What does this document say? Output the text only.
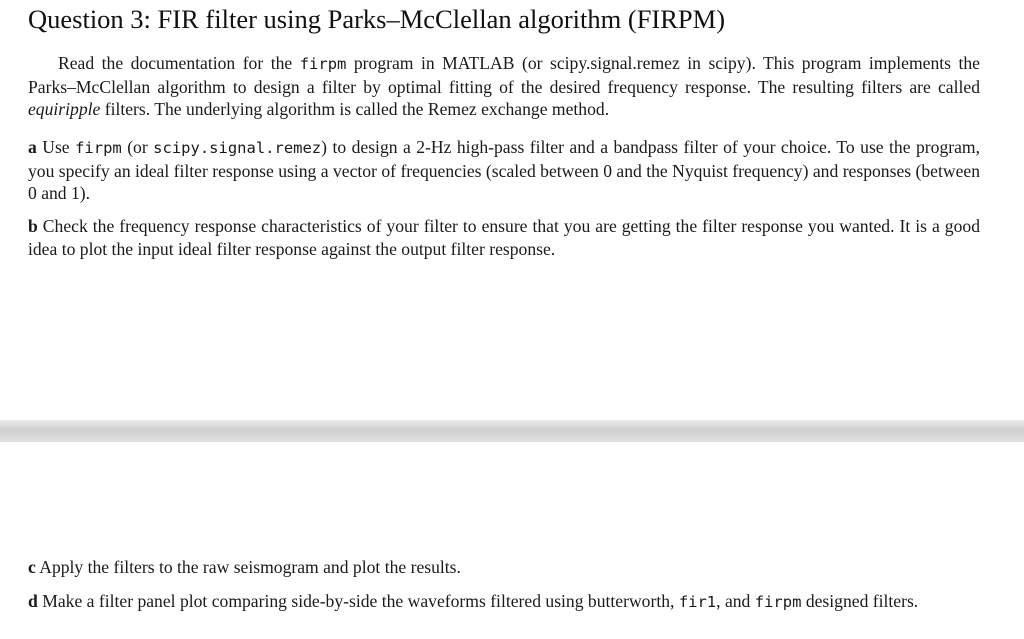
Question 3: FIR filter using Parks–McClellan algorithm (FIRPM)

Read the documentation for the firpm program in MATLAB (or scipy.signal.remez in scipy). This program implements the Parks–McClellan algorithm to design a filter by optimal fitting of the desired frequency response. The resulting filters are called equiripple filters. The underlying algorithm is called the Remez exchange method.

a Use firpm (or scipy.signal.remez) to design a 2-Hz high-pass filter and a bandpass filter of your choice. To use the program, you specify an ideal filter response using a vector of frequencies (scaled between 0 and the Nyquist frequency) and responses (between 0 and 1).

b Check the frequency response characteristics of your filter to ensure that you are getting the filter response you wanted. It is a good idea to plot the input ideal filter response against the output filter response.

c Apply the filters to the raw seismogram and plot the results.

d Make a filter panel plot comparing side-by-side the waveforms filtered using butterworth, fir1, and firpm designed filters.
